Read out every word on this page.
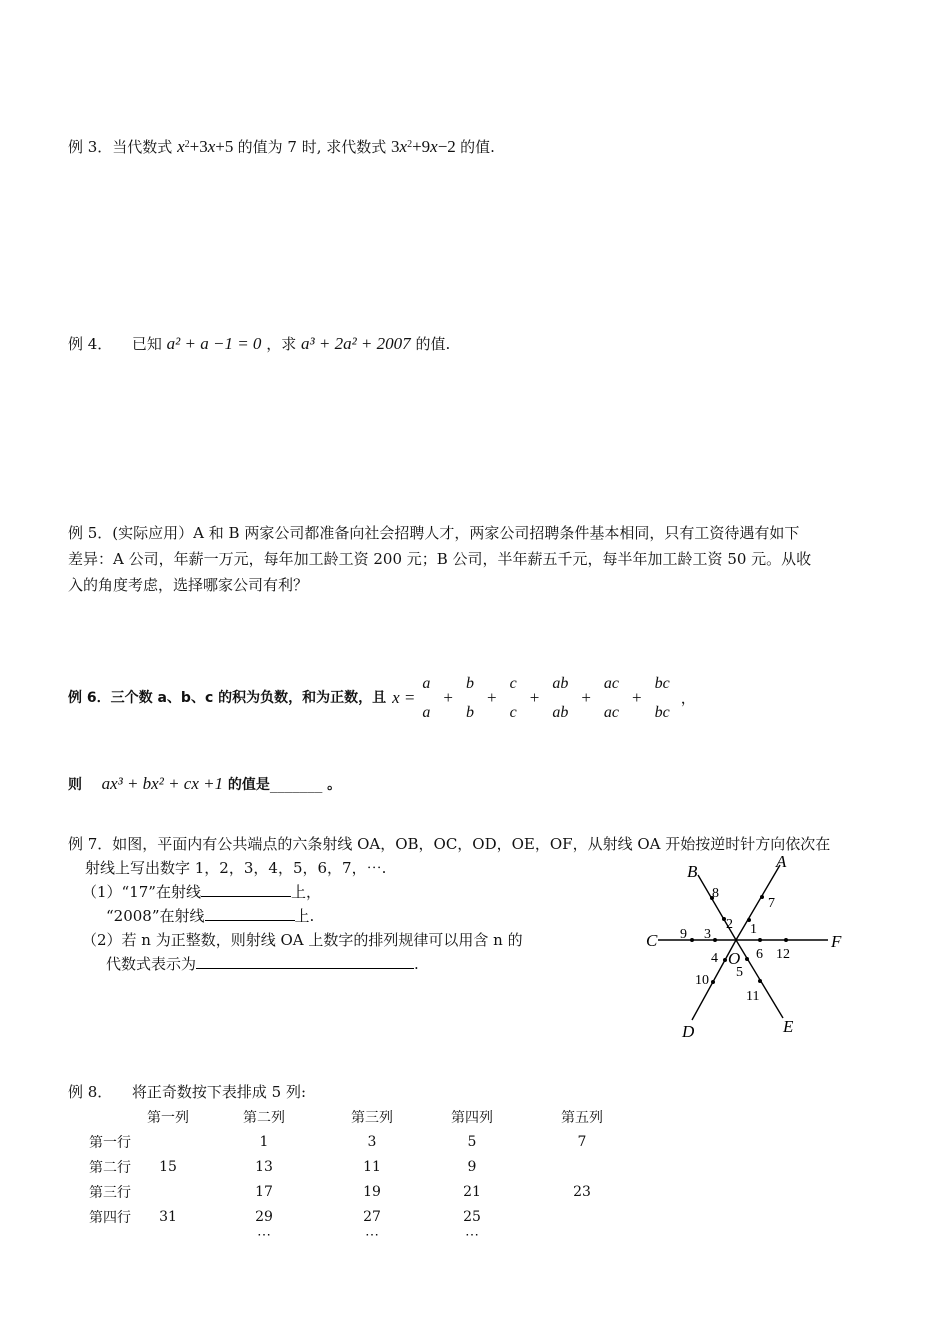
例 3．当代数式 $x^2+3x+5$ 的值为 7 时, 求代数式 $3x^2+9x-2$ 的值.
例 4． 已知 a² + a −1 = 0 ，求 a³ + 2a² + 2007 的值.
例 5．(实际应用）A 和 B 两家公司都准备向社会招聘人才，两家公司招聘条件基本相同，只有工资待遇有如下
差异：A 公司，年薪一万元，每年加工龄工资 200 元；B 公司，半年薪五千元，每半年加工龄工资 50 元。从收
入的角度考虑，选择哪家公司有利？
例 6．三个数 a、b、c 的积为负数，和为正数，且 x =
a
a
+
b
b
+
c
c
+
ab
ab
+
ac
ac
+
bc
bc
，
则 ax³ + bx² + cx +1 的值是_______ 。
例 7．如图，平面内有公共端点的六条射线 OA，OB，OC，OD，OE，OF，从射线 OA 开始按逆时针方向依次在
射线上写出数字 1，2，3，4，5，6，7，⋯.
（1）“17”在射线	上，
“2008”在射线	上.
（2）若 n 为正整数，则射线 OA 上数字的排列规律可以用含 n 的
代数式表示为	.
A
B
C
D	E
F
O
1
2
3
4
5
6
7
8
9
10
11
12
例 8． 将正奇数按下表排成 5 列:
	第一列	第二列	第三列	第四列	第五列
第一行		1	3	5	7
第二行	15	13	11	9	
第三行		17	19	21	23
第四行	31	29	27	25	
		⋯	⋯	⋯	
